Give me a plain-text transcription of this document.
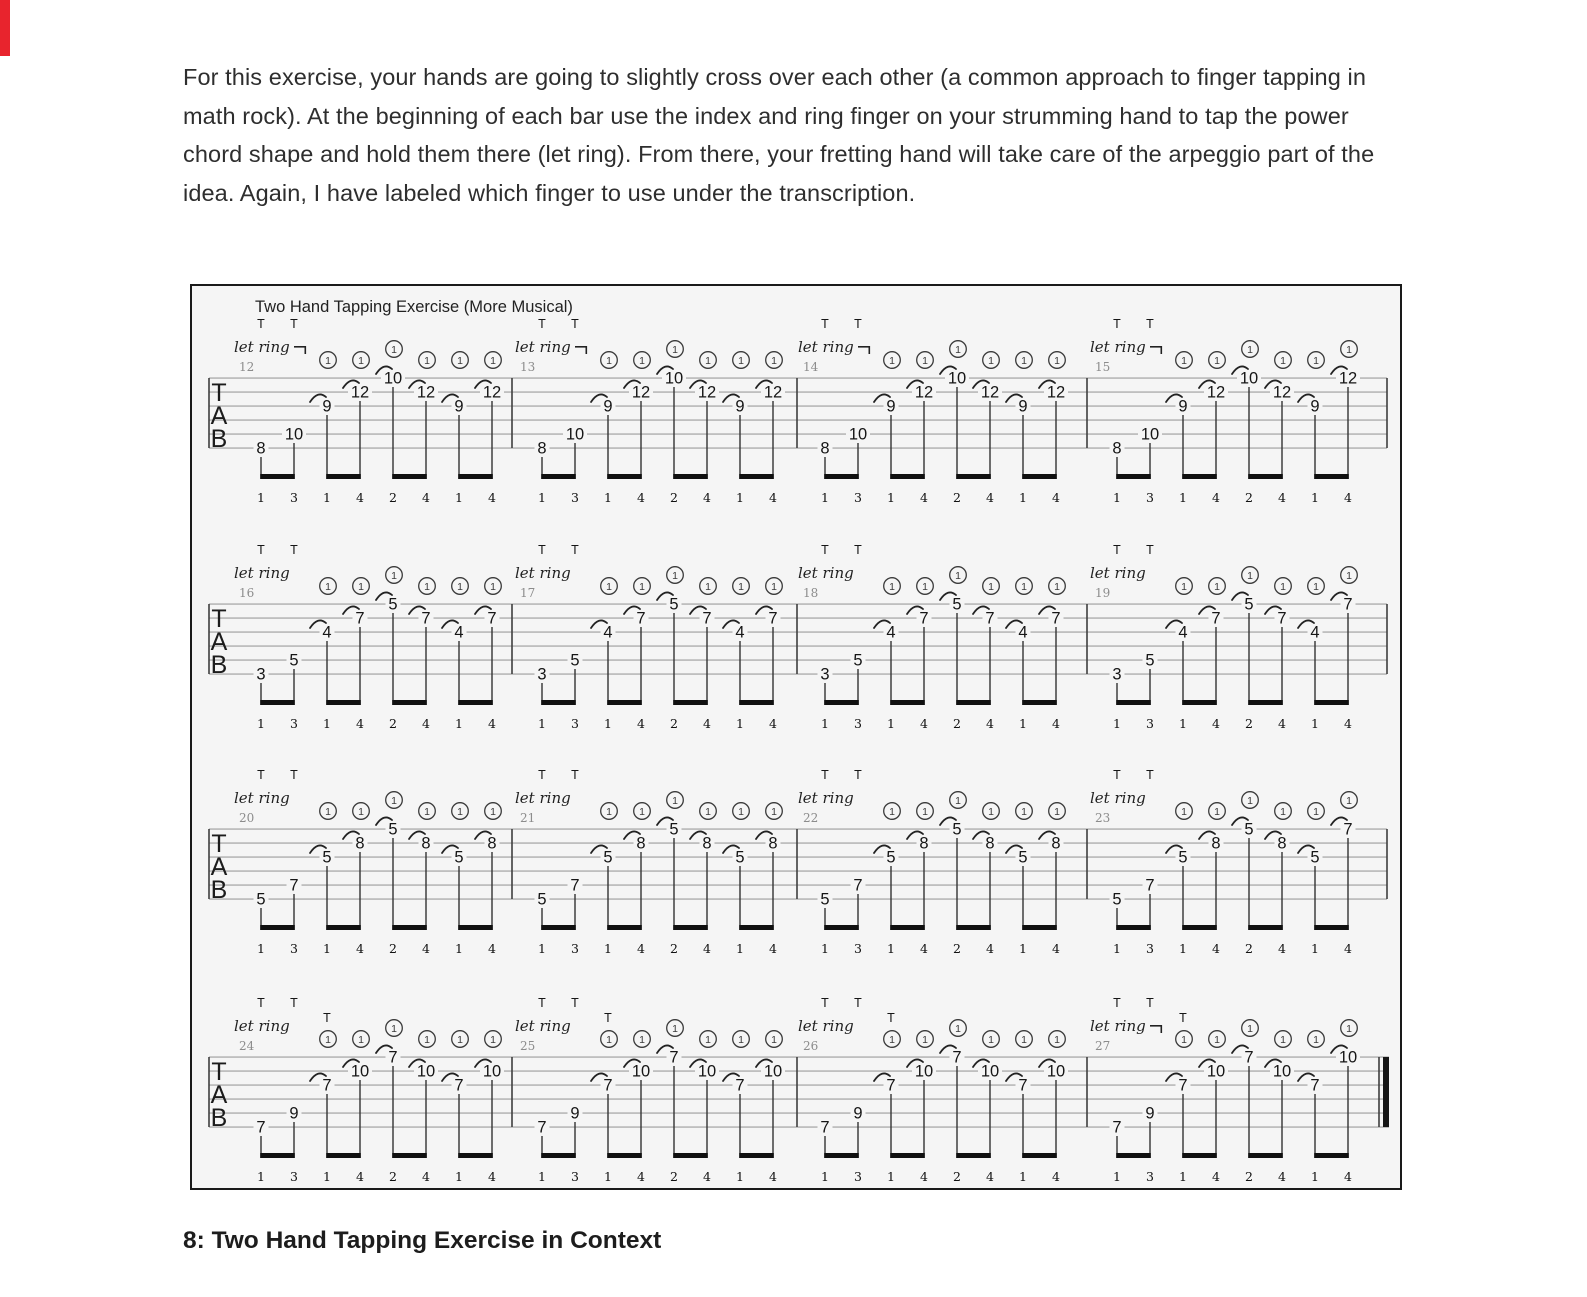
For this exercise, your hands are going to slightly cross over each other (a common approach to finger tapping in math rock). At the beginning of each bar use the index and ring finger on your strumming hand to tap the power chord shape and hold them there (let ring). From there, your fretting hand will take care of the arpeggio part of the idea. Again, I have labeled which finger to use under the transcription.

Two Hand Tapping Exercise (More Musical)
T
A
B
12
T T
let ring
8
10
1
9
1
12
1
10
1
12
1
9
1
12
1 3 1 4 2 4 1 4
13
T T
let ring
8
10
1
9
1
12
1
10
1
12
1
9
1
12
1 3 1 4 2 4 1 4
14
T T
let ring
8
10
1
9
1
12
1
10
1
12
1
9
1
12
1 3 1 4 2 4 1 4
15
T T
let ring
8
10
1
9
1
12
1
10
1
12
1
9
1
12
1 3 1 4 2 4 1 4
T
A
B
16
T T
let ring
3
5
1
4
1
7
1
5
1
7
1
4
1
7
1 3 1 4 2 4 1 4
17
T T
let ring
3
5
1
4
1
7
1
5
1
7
1
4
1
7
1 3 1 4 2 4 1 4
18
T T
let ring
3
5
1
4
1
7
1
5
1
7
1
4
1
7
1 3 1 4 2 4 1 4
19
T T
let ring
3
5
1
4
1
7
1
5
1
7
1
4
1
7
1 3 1 4 2 4 1 4
T
A
B
20
T T
let ring
5
7
1
5
1
8
1
5
1
8
1
5
1
8
1 3 1 4 2 4 1 4
21
T T
let ring
5
7
1
5
1
8
1
5
1
8
1
5
1
8
1 3 1 4 2 4 1 4
22
T T
let ring
5
7
1
5
1
8
1
5
1
8
1
5
1
8
1 3 1 4 2 4 1 4
23
T T
let ring
5
7
1
5
1
8
1
5
1
8
1
5
1
7
1 3 1 4 2 4 1 4
T
A
B
24
T T
T
let ring
7
9
1
7
1
10
1
7
1
10
1
7
1
10
1 3 1 4 2 4 1 4
25
T T
T
let ring
7
9
1
7
1
10
1
7
1
10
1
7
1
10
1 3 1 4 2 4 1 4
26
T T
T
let ring
7
9
1
7
1
10
1
7
1
10
1
7
1
10
1 3 1 4 2 4 1 4
27
T T
T
let ring
7
9
1
7
1
10
1
7
1
10
1
7
1
10
1 3 1 4 2 4 1 4
8: Two Hand Tapping Exercise in Context
